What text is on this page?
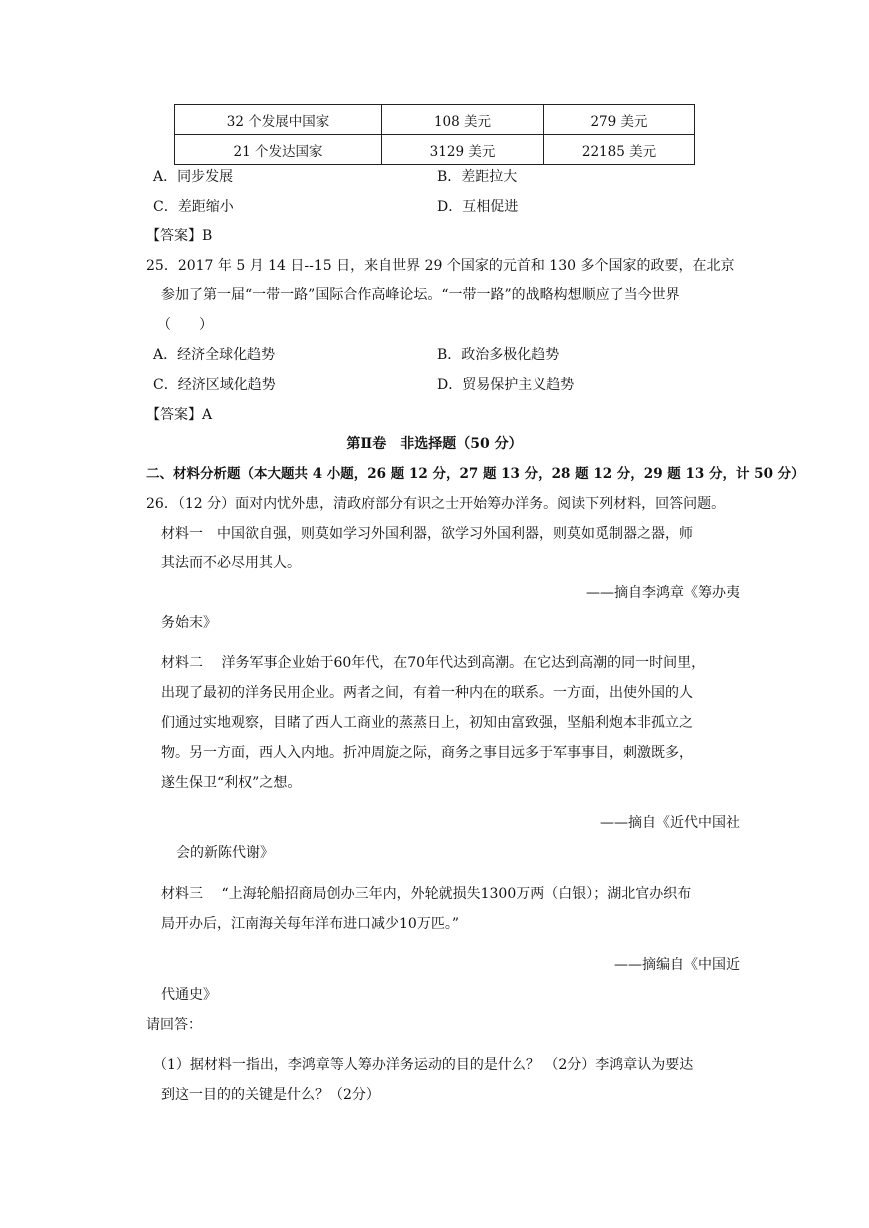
32 个发展中国家	108 美元	279 美元
21 个发达国家	3129 美元	22185 美元
A．同步发展	B．差距拉大
C．差距缩小	D．互相促进
【答案】B
25．2017 年 5 月 14 日--15 日，来自世界 29 个国家的元首和 130 多个国家的政要，在北京
参加了第一届“一带一路”国际合作高峰论坛。“一带一路”的战略构想顺应了当今世界
（　　）
A．经济全球化趋势	B．政治多极化趋势
C．经济区域化趋势	D．贸易保护主义趋势
【答案】A
第Ⅱ卷　非选择题（50 分）
二、材料分析题（本大题共 4 小题，26 题 12 分，27 题 13 分，28 题 12 分，29 题 13 分，计 50 分）
26．（12 分）面对内忧外患，清政府部分有识之士开始筹办洋务。阅读下列材料，回答问题。
材料一　中国欲自强，则莫如学习外国利器，欲学习外国利器，则莫如觅制器之器，师
其法而不必尽用其人。
——摘自李鸿章《筹办夷
务始末》
材料二　 洋务军事企业始于60年代，在70年代达到高潮。在它达到高潮的同一时间里，
出现了最初的洋务民用企业。两者之间，有着一种内在的联系。一方面，出使外国的人
们通过实地观察，目睹了西人工商业的蒸蒸日上，初知由富致强，坚船利炮本非孤立之
物。另一方面，西人入内地。折冲周旋之际，商务之事目远多于军事事目，刺激既多，
遂生保卫“利权”之想。
——摘自《近代中国社
会的新陈代谢》
材料三　 “上海轮船招商局创办三年内，外轮就损失1300万两（白银）；湖北官办织布
局开办后，江南海关每年洋布进口减少10万匹。”
——摘编自《中国近
代通史》
请回答：
（1）据材料一指出，李鸿章等人筹办洋务运动的目的是什么？ （2分）李鸿章认为要达
到这一目的的关键是什么？（2分）
